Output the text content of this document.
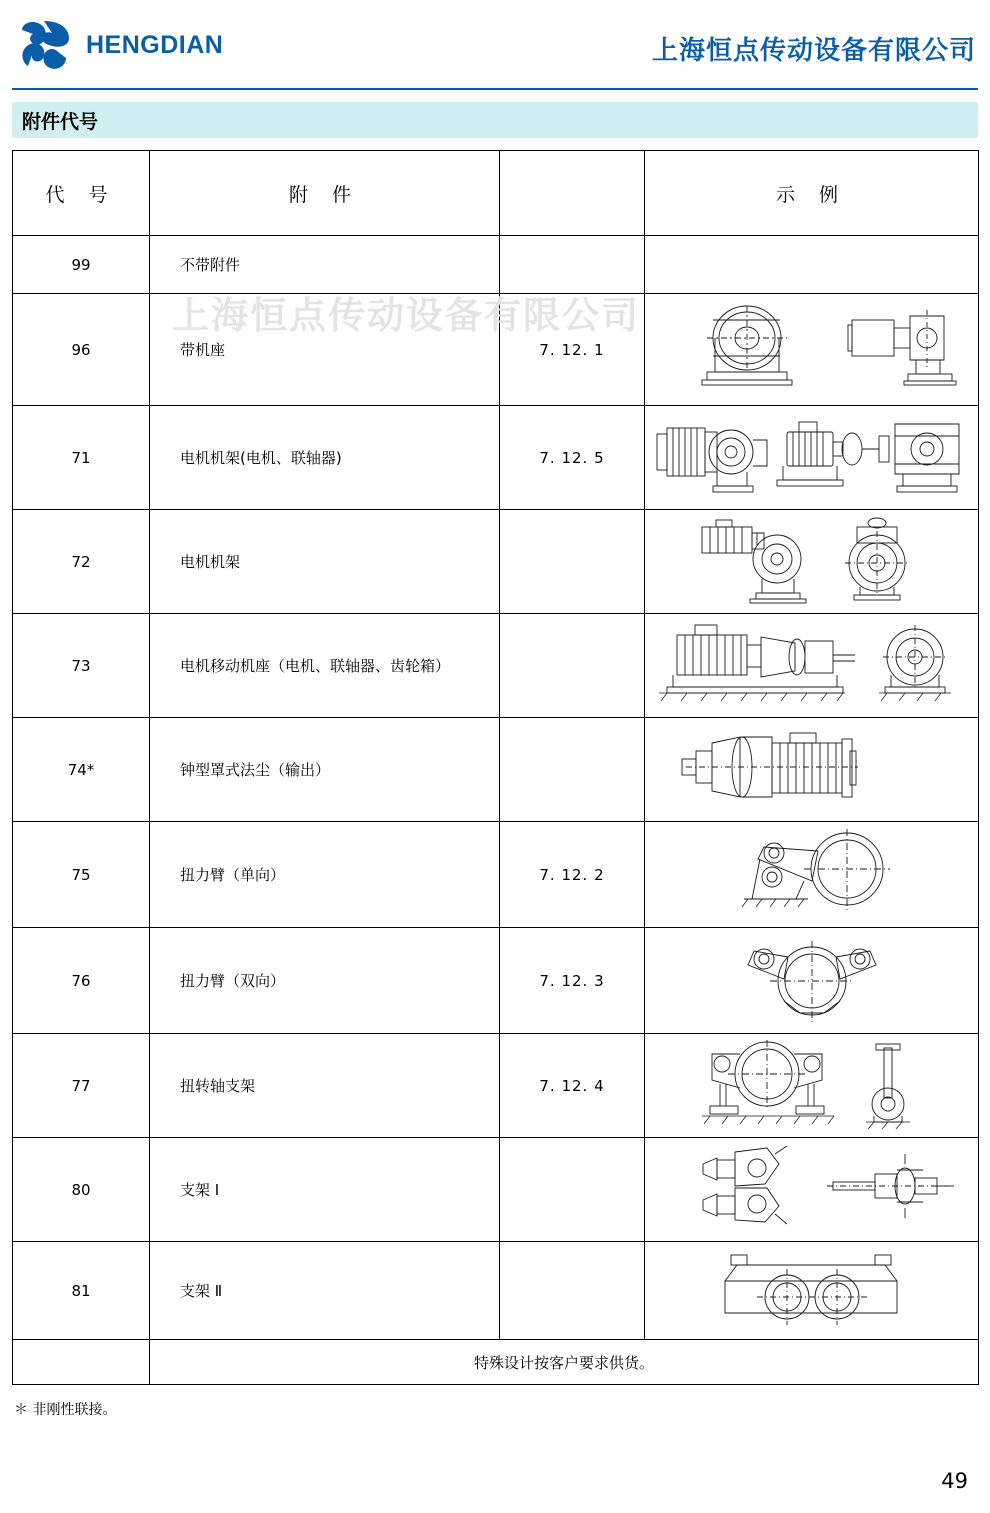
HENGDIAN	上海恒点传动设备有限公司
附件代号
上海恒点传动设备有限公司
代 号	附 件		示 例
99	不带附件		
96	带机座	7. 12. 1	

71	电机机架(电机、联轴器)	7. 12. 5	

72	电机机架		

73	电机移动机座（电机、联轴器、齿轮箱）		

74*	钟型罩式法尘（输出）		

75	扭力臂（单向）	7. 12. 2	

76	扭力臂（双向）	7. 12. 3	

77	扭转轴支架	7. 12. 4	

80	支架 Ⅰ		

81	支架 Ⅱ		

	特殊设计按客户要求供货。		
＊ 非刚性联接。
49
